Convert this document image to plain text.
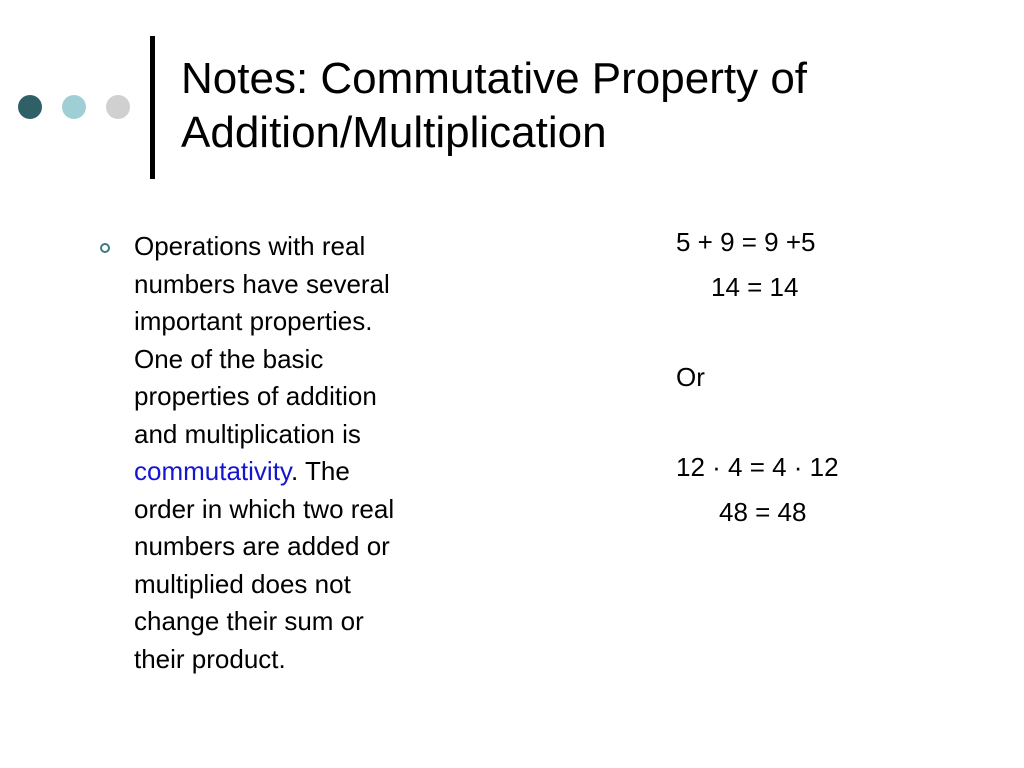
Notes: Commutative Property of
Addition/Multiplication
Operations with real
numbers have several
important properties.
One of the basic
properties of addition
and multiplication is
commutativity. The
order in which two real
numbers are added or
multiplied does not
change their sum or
their product.
5 + 9 = 9 +5
14 = 14
Or
12 · 4 = 4 · 12
48 = 48
